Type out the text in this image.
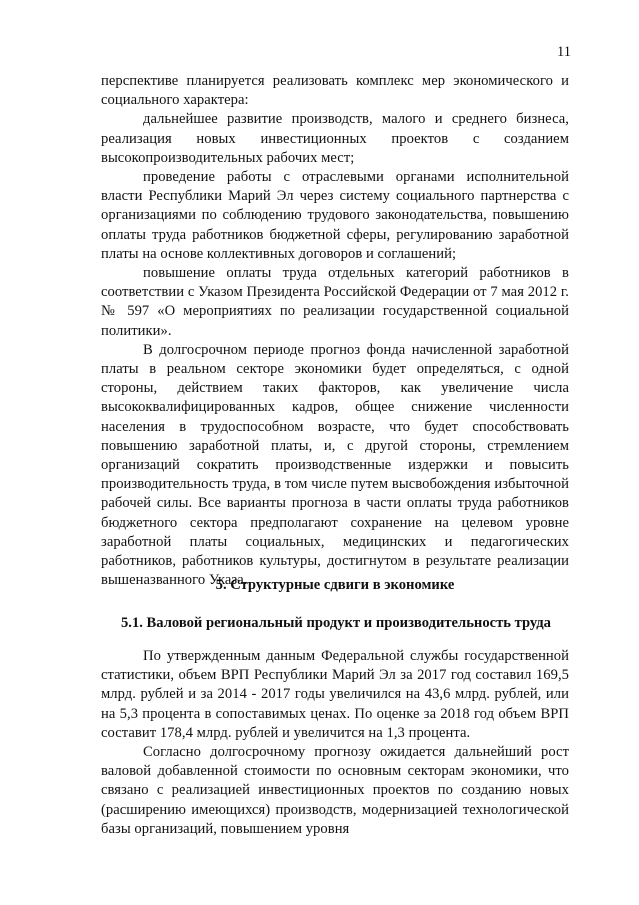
11

перспективе планируется реализовать комплекс мер экономического и социального характера:

дальнейшее развитие производств, малого и среднего бизнеса, реализация новых инвестиционных проектов с созданием высокопроизводительных рабочих мест;

проведение работы с отраслевыми органами исполнительной власти Республики Марий Эл через систему социального партнерства с организациями по соблюдению трудового законодательства, повышению оплаты труда работников бюджетной сферы, регулированию заработной платы на основе коллективных договоров и соглашений;

повышение оплаты труда отдельных категорий работников в соответствии с Указом Президента Российской Федерации от 7 мая 2012 г. № 597 «О мероприятиях по реализации государственной социальной политики».

В долгосрочном периоде прогноз фонда начисленной заработной платы в реальном секторе экономики будет определяться, с одной стороны, действием таких факторов, как увеличение числа высококвалифицированных кадров, общее снижение численности населения в трудоспособном возрасте, что будет способствовать повышению заработной платы, и, с другой стороны, стремлением организаций сократить производственные издержки и повысить производительность труда, в том числе путем высвобождения избыточной рабочей силы. Все варианты прогноза в части оплаты труда работников бюджетного сектора предполагают сохранение на целевом уровне заработной платы социальных, медицинских и педагогических работников, работников культуры, достигнутом в результате реализации вышеназванного Указа.

5. Структурные сдвиги в экономике
5.1. Валовой региональный продукт и производительность труда

По утвержденным данным Федеральной службы государственной статистики, объем ВРП Республики Марий Эл за 2017 год составил 169,5 млрд. рублей и за 2014 - 2017 годы увеличился на 43,6 млрд. рублей, или на 5,3 процента в сопоставимых ценах. По оценке за 2018 год объем ВРП составит 178,4 млрд. рублей и увеличится на 1,3 процента.

Согласно долгосрочному прогнозу ожидается дальнейший рост валовой добавленной стоимости по основным секторам экономики, что связано с реализацией инвестиционных проектов по созданию новых (расширению имеющихся) производств, модернизацией технологической базы организаций, повышением уровня
